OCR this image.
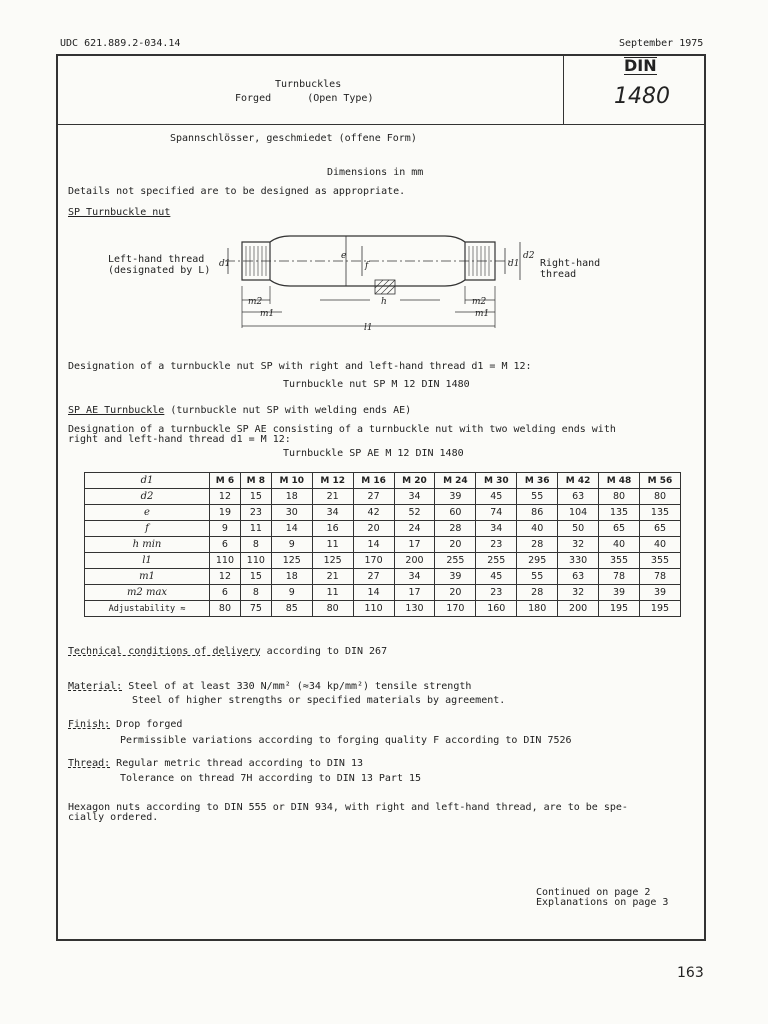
UDC 621.889.2-034.14	September 1975
Turnbuckles
Forged      (Open Type)
DIN
1480
Spannschlösser, geschmiedet (offene Form)
Dimensions in mm
Details not specified are to be designed as appropriate.
SP Turnbuckle nut
d1
e
f
d2
d1
m2
m1
h	m2
m1
l1
Left-hand thread
(designated by L)
Right-hand
thread
Designation of a turnbuckle nut SP with right and left-hand thread d1 = M 12:
Turnbuckle nut SP M 12 DIN 1480
SP AE Turnbuckle (turnbuckle nut SP with welding ends AE)
Designation of a turnbuckle SP AE consisting of a turnbuckle nut with two welding ends with
right and left-hand thread d1 = M 12:
Turnbuckle SP AE M 12 DIN 1480
d1	M 6	M 8	M 10	M 12	M 16	M 20	M 24	M 30	M 36	M 42	M 48	M 56
d2	12	15	18	21	27	34	39	45	55	63	80	80
e	19	23	30	34	42	52	60	74	86	104	135	135
f	9	11	14	16	20	24	28	34	40	50	65	65
h min	6	8	9	11	14	17	20	23	28	32	40	40
l1	110	110	125	125	170	200	255	255	295	330	355	355
m1	12	15	18	21	27	34	39	45	55	63	78	78
m2 max	6	8	9	11	14	17	20	23	28	32	39	39
Adjustability ≈	80	75	85	80	110	130	170	160	180	200	195	195
Technical conditions of delivery according to DIN 267
Material: Steel of at least 330 N/mm² (≈34 kp/mm²) tensile strength
Steel of higher strengths or specified materials by agreement.
Finish: Drop forged
Permissible variations according to forging quality F according to DIN 7526
Thread: Regular metric thread according to DIN 13
Tolerance on thread 7H according to DIN 13 Part 15
Hexagon nuts according to DIN 555 or DIN 934, with right and left-hand thread, are to be spe-
cially ordered.
Continued on page 2
Explanations on page 3
163
